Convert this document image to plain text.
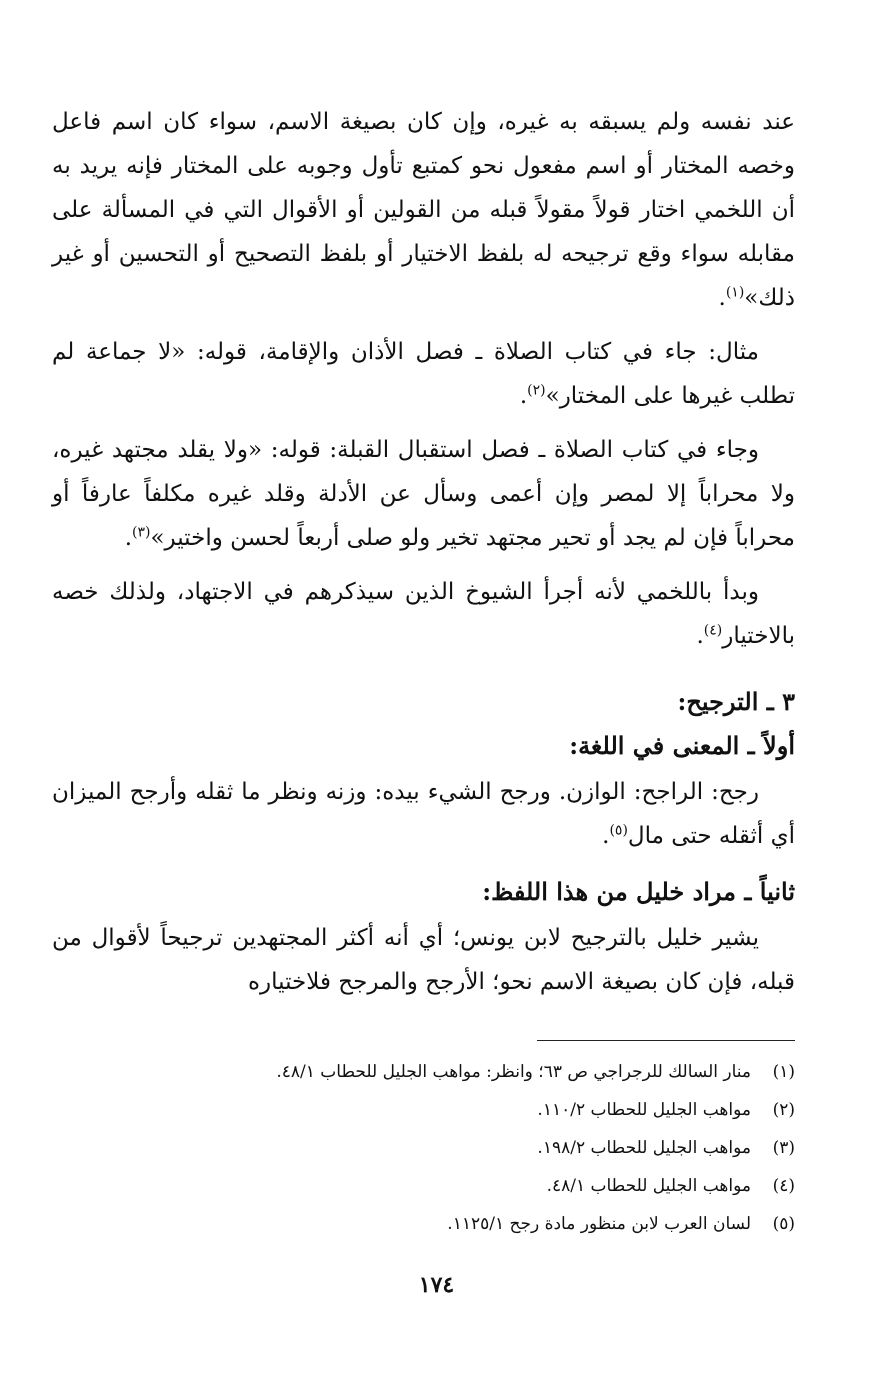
عند نفسه ولم يسبقه به غيره، وإن كان بصيغة الاسم، سواء كان اسم فاعل وخصه المختار أو اسم مفعول نحو كمتبع تأول وجوبه على المختار فإنه يريد به أن اللخمي اختار قولاً مقولاً قبله من القولين أو الأقوال التي في المسألة على مقابله سواء وقع ترجيحه له بلفظ الاختيار أو بلفظ التصحيح أو التحسين أو غير ذلك»$^{(١)}$.

مثال: جاء في كتاب الصلاة ـ فصل الأذان والإقامة، قوله: «لا جماعة لم تطلب غيرها على المختار»$^{(٢)}$.

وجاء في كتاب الصلاة ـ فصل استقبال القبلة: قوله: «ولا يقلد مجتهد غيره، ولا محراباً إلا لمصر وإن أعمى وسأل عن الأدلة وقلد غيره مكلفاً عارفاً أو محراباً فإن لم يجد أو تحير مجتهد تخير ولو صلى أربعاً لحسن واختير»$^{(٣)}$.

وبدأ باللخمي لأنه أجرأ الشيوخ الذين سيذكرهم في الاجتهاد، ولذلك خصه بالاختيار$^{(٤)}$.

٣ ـ الترجيح:
أولاً ـ المعنى في اللغة:

رجح: الراجح: الوازن. ورجح الشيء بيده: وزنه ونظر ما ثقله وأرجح الميزان أي أثقله حتى مال$^{(٥)}$.

ثانياً ـ مراد خليل من هذا اللفظ:

يشير خليل بالترجيح لابن يونس؛ أي أنه أكثر المجتهدين ترجيحاً لأقوال من قبله، فإن كان بصيغة الاسم نحو؛ الأرجح والمرجح فلاختياره

(١)
منار السالك للرجراجي ص ٦٣؛ وانظر: مواهب الجليل للحطاب ٤٨/١.
(٢)
مواهب الجليل للحطاب ١١٠/٢.
(٣)
مواهب الجليل للحطاب ١٩٨/٢.
(٤)
مواهب الجليل للحطاب ٤٨/١.
(٥)
لسان العرب لابن منظور مادة رجح ١١٢٥/١.
١٧٤
